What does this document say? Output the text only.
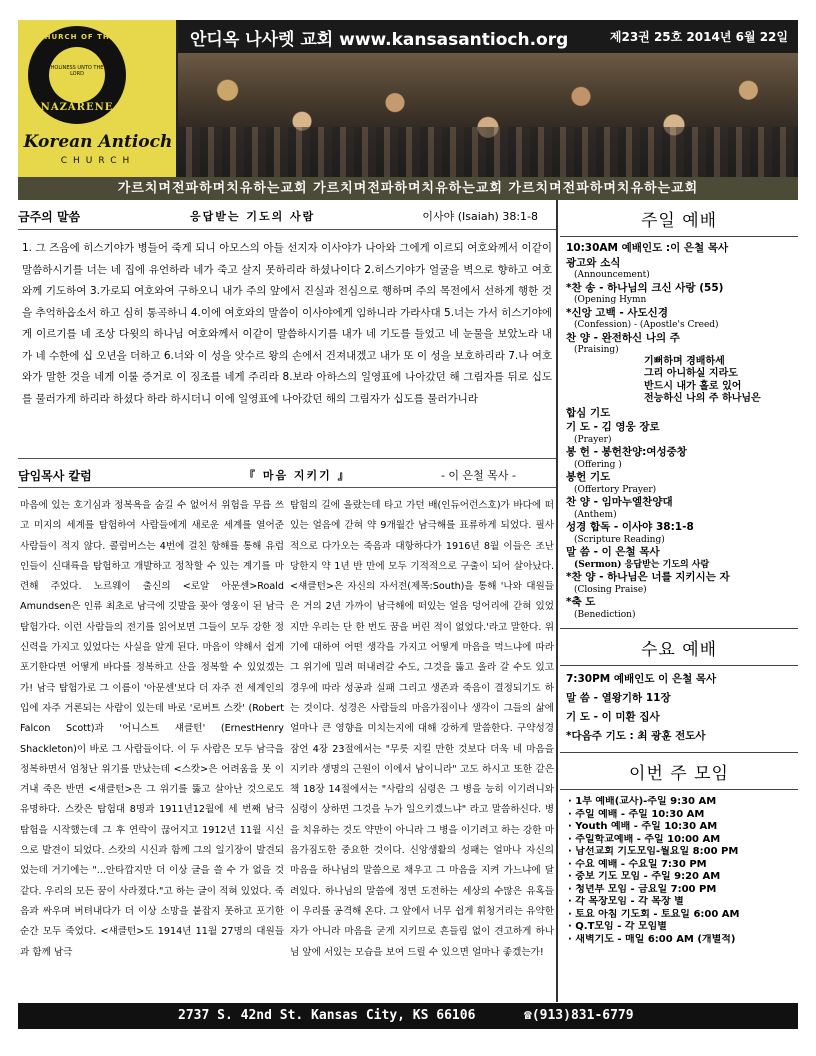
CHURCH OF THE
HOLINESS UNTO THE LORD
NAZARENE
Korean Antioch
CHURCH
안디옥 나사렛 교회 www.kansasantioch.org	제23권 25호 2014년 6월 22일
가르치며전파하며치유하는교회 가르치며전파하며치유하는교회 가르치며전파하며치유하는교회
금주의 말씀	응답받는 기도의 사람	이사야 (Isaiah) 38:1-8
1. 그 즈음에 히스기야가 병들어 죽게 되니 아모스의 아들 선지자 이사야가 나아와 그에게 이르되 여호와께서 이같이 말씀하시기를 너는 네 집에 유언하라 네가 죽고 살지 못하리라 하셨나이다 2.히스기야가 얼굴을 벽으로 향하고 여호와께 기도하여 3.가로되 여호와여 구하오니 내가 주의 앞에서 진실과 전심으로 행하며 주의 목전에서 선하게 행한 것을 추억하옵소서 하고 심히 통곡하니 4.이에 여호와의 말씀이 이사야에게 임하니라 가라사대 5.너는 가서 히스기야에게 이르기를 네 조상 다윗의 하나님 여호와께서 이같이 말씀하시기를 내가 네 기도를 들었고 네 눈물을 보았노라 내가 네 수한에 십 오년을 더하고 6.너와 이 성을 앗수르 왕의 손에서 건져내겠고 내가 또 이 성을 보호하리라 7.나 여호와가 말한 것을 네게 이룰 증거로 이 징조를 네게 주리라 8.보라 아하스의 일영표에 나아갔던 해 그림자를 뒤로 십도를 물러가게 하리라 하셨다 하라 하시더니 이에 일영표에 나아갔던 해의 그림자가 십도를 물러가니라
담임목사 칼럼	『 마음 지키기 』	- 이 은철 목사 -
마음에 있는 호기심과 정복욕을 숨길 수 없어서 위험을 무릅 쓰고 미지의 세계를 탐험하여 사람들에게 새로운 세계를 열어준 사람들이 적지 않다. 콜럼버스는 4번에 걸친 항해를 통해 유럽인들이 신대륙을 탐험하고 개발하고 정착할 수 있는 계기를 마련해 주었다. 노르웨이 출신의 <로알 아문센>Roald Amundsen은 인류 최초로 남극에 깃발을 꽂아 영웅이 된 남극 탐험가다. 이런 사람들의 전기를 읽어보면 그들이 모두 강한 정신력을 가지고 있었다는 사실을 알게 된다. 마음이 약해서 쉽게 포기한다면 어떻게 바다를 정복하고 산을 정복할 수 있었겠는가! 남극 탐험가로 그 이름이 '아문센'보다 더 자주 전 세계인의 입에 자주 거론되는 사람이 있는데 바로 '로버트 스캇' (Robert Falcon Scott)과 '어니스트 섀클턴' (ErnestHenry Shackleton)이 바로 그 사람들이다. 이 두 사람은 모두 남극을 정복하면서 엄청난 위기를 만났는데 <스캇>은 어려움을 못 이겨내 죽은 반면 <섀클턴>은 그 위기를 뚫고 살아난 것으로도 유명하다. 스캇은 탐험대 8명과 1911년12월에 세 번째 남극 탐험을 시작했는데 그 후 연락이 끊어지고 1912년 11월 시신으로 발견이 되었다. 스캇의 시신과 함께 그의 일기장이 발견되었는데 거기에는 "...안타깝지만 더 이상 글을 쓸 수 가 없을 것 같다. 우리의 모든 꿈이 사라졌다."고 하는 글이 적혀 있었다. 죽음과 싸우며 버텨내다가 더 이상 소망을 붙잡지 못하고 포기한 순간 모두 죽었다. <섀클턴>도 1914년 11월 27명의 대원들과 함께 남극
탐험의 길에 올랐는데 타고 가던 배(인듀어런스호)가 바다에 떠있는 얼음에 갇혀 약 9개월간 남극해를 표류하게 되었다. 필사적으로 다가오는 죽음과 대항하다가 1916년 8월 이들은 조난 당한지 약 1년 반 만에 모두 기적적으로 구출이 되어 살아났다. <섀클턴>은 자신의 자서전(제목:South)을 통해 '나와 대원들은 거의 2년 가까이 남극해에 떠있는 얼음 덩어리에 갇혀 있었지만 우리는 단 한 번도 꿈을 버린 적이 없었다.'라고 말한다. 위기에 대하여 어떤 생각을 가지고 어떻게 마음을 먹느냐에 따라 그 위기에 밀려 떠내려갈 수도, 그것을 뚫고 올라 갈 수도 있고 경우에 따라 성공과 실패 그리고 생존과 죽음이 결정되기도 하는 것이다. 성경은 사람들의 마음가짐이나 생각이 그들의 삶에 얼마나 큰 영향을 미치는지에 대해 강하게 말씀한다. 구약성경 잠언 4장 23절에서는 "무릇 지킬 만한 것보다 더욱 네 마음을 지키라 생명의 근원이 이에서 남이니라" 고도 하시고 또한 같은 책 18장 14절에서는 "사람의 심령은 그 병을 능히 이기려니와 심령이 상하면 그것을 누가 일으키겠느냐" 라고 말씀하신다. 병을 치유하는 것도 약만이 아니라 그 병을 이기려고 하는 강한 마음가짐도한 중요한 것이다. 신앙생활의 성패는 얼마나 자신의 마음을 하나님의 말씀으로 채우고 그 마음을 지켜 가느냐에 달려있다. 하나님의 말씀에 정면 도전하는 세상의 수많은 유혹들이 우리를 공격해 온다. 그 앞에서 너무 쉽게 휘청거리는 유약한자가 아니라 마음을 굳게 지키므로 흔들림 없이 견고하게 하나님 앞에 서있는 모습을 보여 드릴 수 있으면 얼마나 좋겠는가!
주일 예배
10:30AM 예배인도 :이 은철 목사
광고와 소식
(Announcement)
*찬 송 - 하나님의 크신 사랑 (55)
(Opening Hymn
*신앙 고백 - 사도신경
(Confession) - (Apostle's Creed)
찬 양 - 완전하신 나의 주
(Praising)
기뻐하며 경배하세
그리 아니하실 지라도
반드시 내가 홀로 있어
전능하신 나의 주 하나님은
합심 기도
기 도 - 김 영웅 장로
(Prayer)
봉 헌 - 봉헌찬양:여성중창
(Offering )
봉헌 기도
(Offertory Prayer)
찬 양 - 임마누엘찬양대
(Anthem)
성경 합독 - 이사야 38:1-8
(Scripture Reading)
말 씀 - 이 은철 목사
(Sermon) 응답받는 기도의 사람
*찬 양 - 하나님은 너를 지키시는 자
(Closing Praise)
*축 도
(Benediction)
수요 예배
7:30PM 예배인도 이 은철 목사
말 씀 - 열왕기하 11장
기 도 - 이 미환 집사
*다음주 기도 : 최 광훈 전도사
이번 주 모임
· 1부 예배(교사)-주일 9:30 AM
· 주일 예배 - 주일 10:30 AM
· Youth 예배 - 주일 10:30 AM
· 주일학교예배 - 주일 10:00 AM
· 남선교회 기도모임-월요일 8:00 PM
· 수요 예배 - 수요일 7:30 PM
· 중보 기도 모임 - 주일 9:20 AM
· 청년부 모임 - 금요일 7:00 PM
· 각 목장모임 - 각 목장 별
· 토요 아침 기도회 - 토요일 6:00 AM
· Q.T모임 - 각 모임별
· 새벽기도 - 매일 6:00 AM (개별적)
2737 S. 42nd St. Kansas City, KS 66106	☎(913)831-6779
